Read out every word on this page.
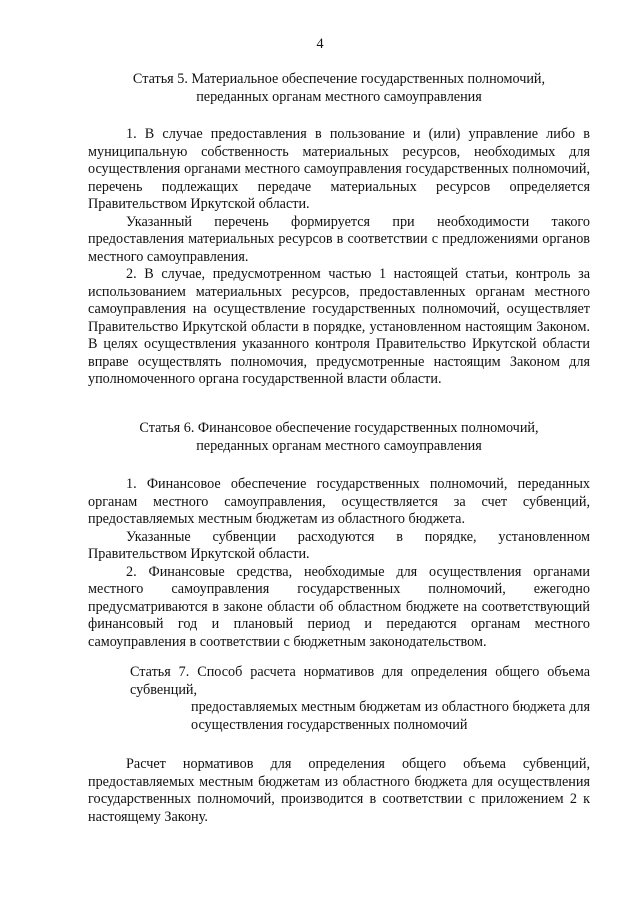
4
Статья 5. Материальное обеспечение государственных полномочий,
переданных органам местного самоуправления

1. В случае предоставления в пользование и (или) управление либо в муниципальную собственность материальных ресурсов, необходимых для осуществления органами местного самоуправления государственных полномочий, перечень подлежащих передаче материальных ресурсов определяется Правительством Иркутской области.

Указанный перечень формируется при необходимости такого предоставления материальных ресурсов в соответствии с предложениями органов местного самоуправления.

2. В случае, предусмотренном частью 1 настоящей статьи, контроль за использованием материальных ресурсов, предоставленных органам местного самоуправления на осуществление государственных полномочий, осуществляет Правительство Иркутской области в порядке, установленном настоящим Законом. В целях осуществления указанного контроля Правительство Иркутской области вправе осуществлять полномочия, предусмотренные настоящим Законом для уполномоченного органа государственной власти области.

Статья 6. Финансовое обеспечение государственных полномочий,
переданных органам местного самоуправления

1. Финансовое обеспечение государственных полномочий, переданных органам местного самоуправления, осуществляется за счет субвенций, предоставляемых местным бюджетам из областного бюджета.

Указанные субвенции расходуются в порядке, установленном Правительством Иркутской области.

2. Финансовые средства, необходимые для осуществления органами местного самоуправления государственных полномочий, ежегодно предусматриваются в законе области об областном бюджете на соответствующий финансовый год и плановый период и передаются органам местного самоуправления в соответствии с бюджетным законодательством.

Статья 7. Способ расчета нормативов для определения общего объема субвенций,
предоставляемых местным бюджетам из областного бюджета для осуществления государственных полномочий

Расчет нормативов для определения общего объема субвенций, предоставляемых местным бюджетам из областного бюджета для осуществления государственных полномочий, производится в соответствии с приложением 2 к настоящему Закону.
